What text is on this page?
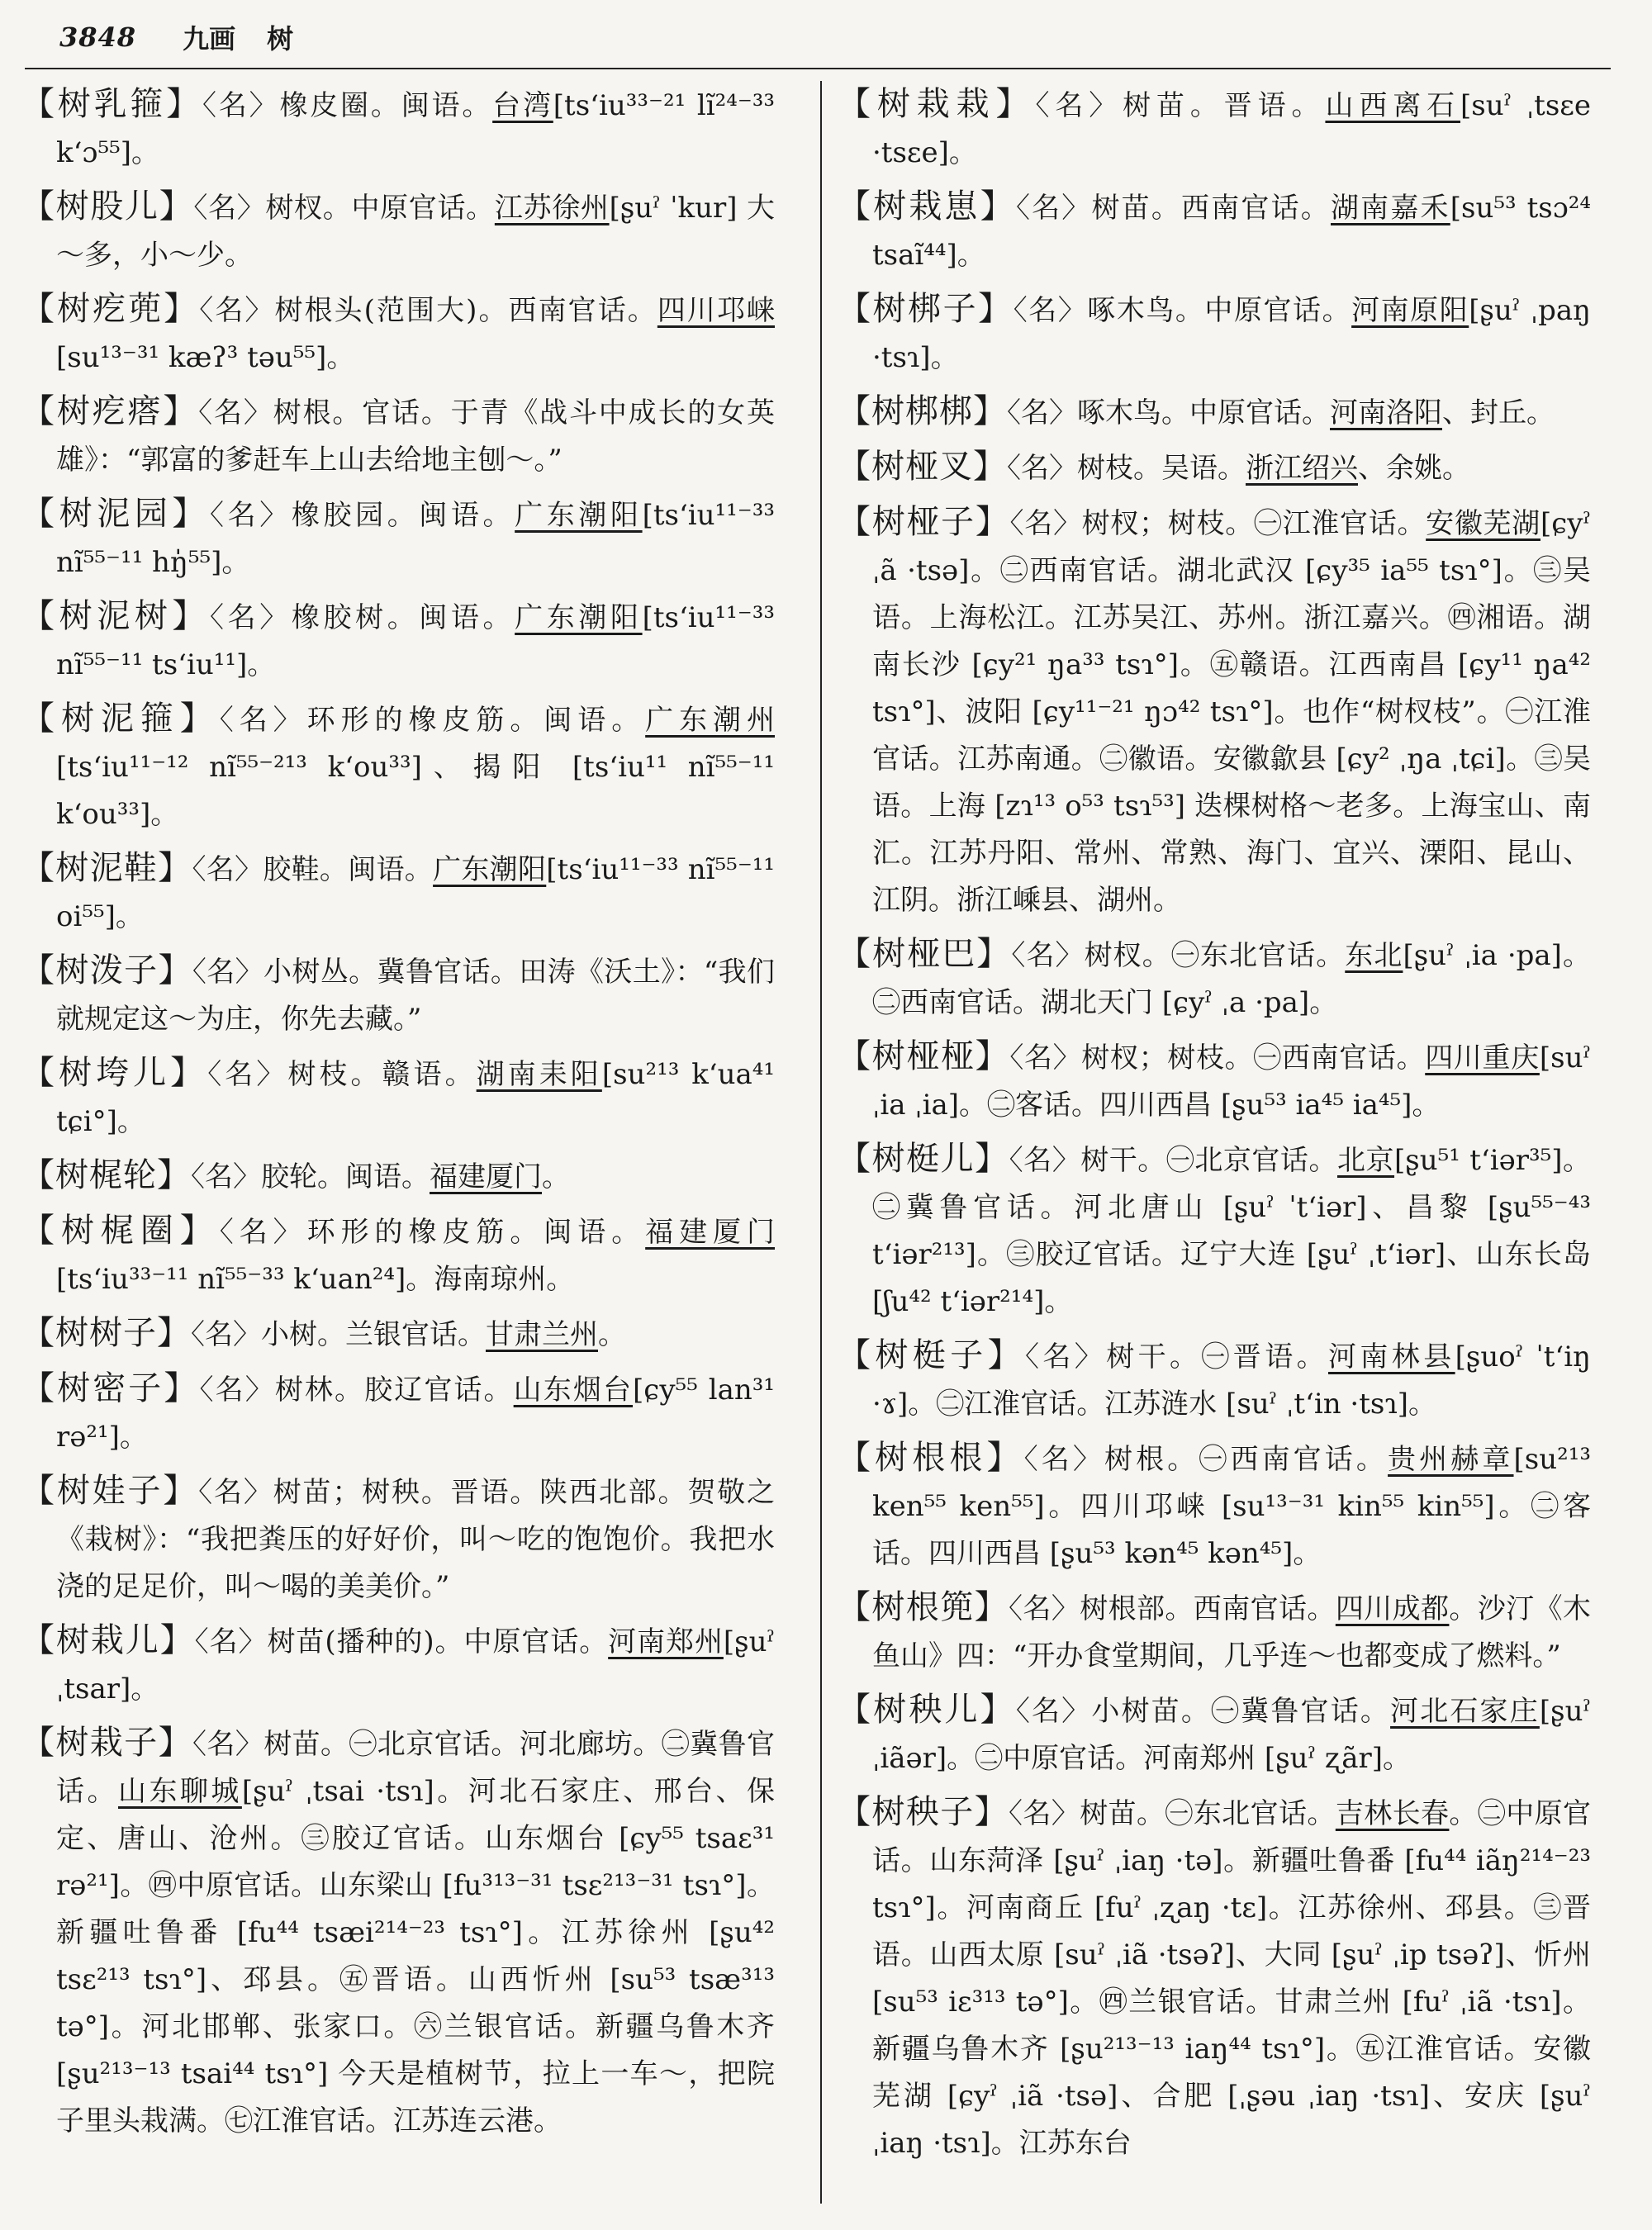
3848 九画 树

【树乳箍】〈名〉橡皮圈。闽语。台湾[tsʻiu³³⁻²¹ lĩ²⁴⁻³³ kʻɔ⁵⁵]。

【树股儿】〈名〉树杈。中原官话。江苏徐州[ʂuˀ ˈkur] 大～多，小～少。

【树疙蔸】〈名〉树根头(范围大)。西南官话。四川邛崃[su¹³⁻³¹ kæʔ³ təu⁵⁵]。

【树疙瘩】〈名〉树根。官话。于青《战斗中成长的女英雄》：“郭富的爹赶车上山去给地主刨～。”

【树泥园】〈名〉橡胶园。闽语。广东潮阳[tsʻiu¹¹⁻³³ nĩ⁵⁵⁻¹¹ hŋ̍⁵⁵]。

【树泥树】〈名〉橡胶树。闽语。广东潮阳[tsʻiu¹¹⁻³³ nĩ⁵⁵⁻¹¹ tsʻiu¹¹]。

【树泥箍】〈名〉环形的橡皮筋。闽语。广东潮州[tsʻiu¹¹⁻¹² nĩ⁵⁵⁻²¹³ kʻou³³]、揭阳 [tsʻiu¹¹ nĩ⁵⁵⁻¹¹ kʻou³³]。

【树泥鞋】〈名〉胶鞋。闽语。广东潮阳[tsʻiu¹¹⁻³³ nĩ⁵⁵⁻¹¹ oi⁵⁵]。

【树泼子】〈名〉小树丛。冀鲁官话。田涛《沃土》：“我们就规定这～为庄，你先去藏。”

【树垮儿】〈名〉树枝。赣语。湖南耒阳[su²¹³ kʻua⁴¹ tɕi°]。

【树梶轮】〈名〉胶轮。闽语。福建厦门。

【树梶圈】〈名〉环形的橡皮筋。闽语。福建厦门[tsʻiu³³⁻¹¹ nĩ⁵⁵⁻³³ kʻuan²⁴]。海南琼州。

【树树子】〈名〉小树。兰银官话。甘肃兰州。

【树密子】〈名〉树林。胶辽官话。山东烟台[ɕy⁵⁵ lan³¹ rə²¹]。

【树娃子】〈名〉树苗；树秧。晋语。陕西北部。贺敬之《栽树》：“我把粪压的好好价，叫～吃的饱饱价。我把水浇的足足价，叫～喝的美美价。”

【树栽儿】〈名〉树苗(播种的)。中原官话。河南郑州[ʂuˀ ˌtsar]。

【树栽子】〈名〉树苗。㊀北京官话。河北廊坊。㊁冀鲁官话。山东聊城[ʂuˀ ˌtsai ·tsɿ]。河北石家庄、邢台、保定、唐山、沧州。㊂胶辽官话。山东烟台 [ɕy⁵⁵ tsaɛ³¹ rə²¹]。㊃中原官话。山东梁山 [fu³¹³⁻³¹ tsɛ²¹³⁻³¹ tsɿ°]。新疆吐鲁番 [fu⁴⁴ tsæi²¹⁴⁻²³ tsɿ°]。江苏徐州 [ʂu⁴² tsɛ²¹³ tsɿ°]、邳县。㊄晋语。山西忻州 [su⁵³ tsæ³¹³ tə°]。河北邯郸、张家口。㊅兰银官话。新疆乌鲁木齐 [ʂu²¹³⁻¹³ tsai⁴⁴ tsɿ°] 今天是植树节，拉上一车～，把院子里头栽满。㊆江淮官话。江苏连云港。

【树栽栽】〈名〉树苗。晋语。山西离石[suˀ ˌtsɛe ·tsɛe]。

【树栽崽】〈名〉树苗。西南官话。湖南嘉禾[su⁵³ tsɔ²⁴ tsaĩ⁴⁴]。

【树梆子】〈名〉啄木鸟。中原官话。河南原阳[ʂuˀ ˌpaŋ ·tsɿ]。

【树梆梆】〈名〉啄木鸟。中原官话。河南洛阳、封丘。

【树桠叉】〈名〉树枝。吴语。浙江绍兴、余姚。

【树桠子】〈名〉树杈；树枝。㊀江淮官话。安徽芜湖[ɕyˀ ˌã ·tsə]。㊁西南官话。湖北武汉 [ɕy³⁵ ia⁵⁵ tsɿ°]。㊂吴语。上海松江。江苏吴江、苏州。浙江嘉兴。㊃湘语。湖南长沙 [ɕy²¹ ŋa³³ tsɿ°]。㊄赣语。江西南昌 [ɕy¹¹ ŋa⁴² tsɿ°]、波阳 [ɕy¹¹⁻²¹ ŋɔ⁴² tsɿ°]。也作“树杈枝”。㊀江淮官话。江苏南通。㊁徽语。安徽歙县 [ɕy² ˌŋa ˌtɕi]。㊂吴语。上海 [zɿ¹³ o⁵³ tsɿ⁵³] 迭棵树格～老多。上海宝山、南汇。江苏丹阳、常州、常熟、海门、宜兴、溧阳、昆山、江阴。浙江嵊县、湖州。

【树桠巴】〈名〉树杈。㊀东北官话。东北[ʂuˀ ˌia ·pa]。㊁西南官话。湖北天门 [ɕyˀ ˌa ·pa]。

【树桠桠】〈名〉树杈；树枝。㊀西南官话。四川重庆[suˀ ˌia ˌia]。㊁客话。四川西昌 [ʂu⁵³ ia⁴⁵ ia⁴⁵]。

【树梃儿】〈名〉树干。㊀北京官话。北京[ʂu⁵¹ tʻiər³⁵]。㊁冀鲁官话。河北唐山 [ʂuˀ ˈtʻiər]、昌黎 [ʂu⁵⁵⁻⁴³ tʻiər²¹³]。㊂胶辽官话。辽宁大连 [ʂuˀ ˌtʻiər]、山东长岛 [ʃu⁴² tʻiər²¹⁴]。

【树梃子】〈名〉树干。㊀晋语。河南林县[ʂuoˀ ˈtʻiŋ ·ɤ]。㊁江淮官话。江苏涟水 [suˀ ˌtʻin ·tsɿ]。

【树根根】〈名〉树根。㊀西南官话。贵州赫章[su²¹³ ken⁵⁵ ken⁵⁵]。四川邛崃 [su¹³⁻³¹ kin⁵⁵ kin⁵⁵]。㊁客话。四川西昌 [ʂu⁵³ kən⁴⁵ kən⁴⁵]。

【树根篼】〈名〉树根部。西南官话。四川成都。沙汀《木鱼山》四：“开办食堂期间，几乎连～也都变成了燃料。”

【树秧儿】〈名〉小树苗。㊀冀鲁官话。河北石家庄[ʂuˀ ˌiãər]。㊁中原官话。河南郑州 [ʂuˀ ʐãr]。

【树秧子】〈名〉树苗。㊀东北官话。吉林长春。㊁中原官话。山东菏泽 [ʂuˀ ˌiaŋ ·tə]。新疆吐鲁番 [fu⁴⁴ iãŋ²¹⁴⁻²³ tsɿ°]。河南商丘 [fuˀ ˌʐaŋ ·tɛ]。江苏徐州、邳县。㊂晋语。山西太原 [suˀ ˌiã ·tsəʔ]、大同 [ʂuˀ ˌip tsəʔ]、忻州 [su⁵³ iɛ³¹³ tə°]。㊃兰银官话。甘肃兰州 [fuˀ ˌiã ·tsɿ]。新疆乌鲁木齐 [ʂu²¹³⁻¹³ iaŋ⁴⁴ tsɿ°]。㊄江淮官话。安徽芜湖 [ɕyˀ ˌiã ·tsə]、合肥 [ˌʂəu ˌiaŋ ·tsɿ]、安庆 [ʂuˀ ˌiaŋ ·tsɿ]。江苏东台
